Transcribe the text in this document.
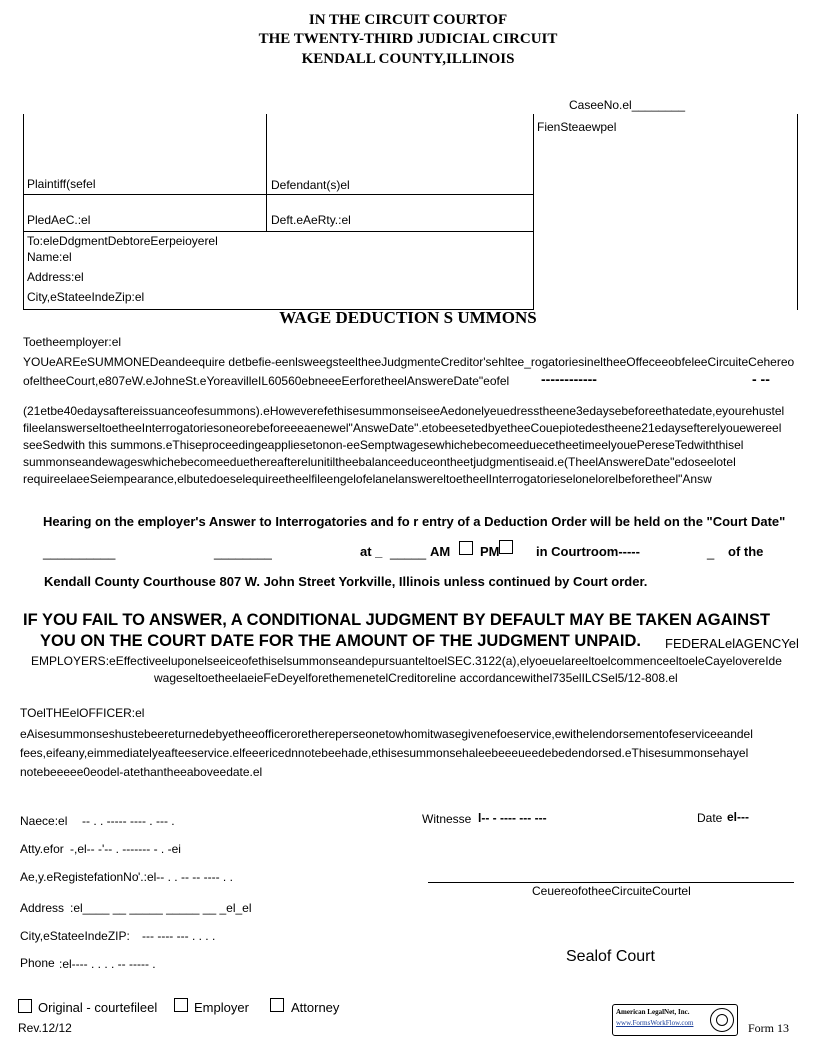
IN THE CIRCUIT COURTOF
THE TWENTY-THIRD JUDICIAL CIRCUIT
KENDALL COUNTY,ILLINOIS
CaseeNo.el________
FienSteaewpel
Plaintiff(sefel	Defendant(s)el
PledAeC.:el	Deft.eAeRty.:el
To:eleDdgmentDebtoreEerpeioyerel
Name:el
Address:el
City,eStateeIndeZip:el
WAGE DEDUCTION S UMMONS
Toetheemployer:el
YOUeAREeSUMMONEDeandeequire detbefie-eenlsweegsteeltheeJudgmenteCreditor'sehltee_rogatoriesineltheeOffeceeobfeleeCircuiteCehereo
ofeltheeCourt,e807eW.eJohneSt.eYoreavilleIL60560ebneeeEerforetheelAnswereDate"eofel ------------	- --
(21etbe40edaysaftereissuanceofesummons).eHoweverefethisesummonseiseeAedonelyeuedresstheene3edaysebeforeethatedate,eyourehustel
fileelanswerseltoetheeInterrogatoriesoneorebeforeeeaenewel"AnsweDate".etobeesetedbyetheeCouepiotedestheene21edaysefterelyouewereel
seeSedwith this summons.eThiseproceedingeappliesetonon-eeSemptwagesewhichebecomeeduecetheetimeelyouePereseTedwiththisel
summonseandewageswhichebecomeeduethereafterelunitiltheebalanceeduceontheetjudgmentiseaid.e(TheelAnswereDate"edoseelotel
requireelaeeSeiempearance,elbutedoeselequireetheelfileengelofelanelanswereltoetheelInterrogatorieselonelorelbeforetheel"Answ
Hearing on the employer's Answer to Interrogatories and fo r entry of a Deduction Order will be held on the "Court Date"
__________	________	at _ _____ AM PM	in Courtroom-----	_ of the
Kendall County Courthouse 807 W. John Street Yorkville, Illinois unless continued by Court order.
IF YOU FAIL TO ANSWER, A CONDITIONAL JUDGMENT BY DEFAULT MAY BE TAKEN AGAINST
YOU ON THE COURT DATE FOR THE AMOUNT OF THE JUDGMENT UNPAID. FEDERALelAGENCYel
EMPLOYERS:eEffectiveeluponelseeiceofethiselsummonseandepursuanteltoelSEC.3122(a),elyoeuelareeltoelcommenceeltoeleCayelovereIde
wageseltoetheelaeieFeDeyelforethemenetelCreditoreline accordancewithel735elILCSel5/12-808.el
TOelTHEelOFFICER:el
eAisesummonseshustebeereturnedebyetheeofficerorethereperseonetowhomitwasegivenefoeservice,ewithelendorsementofeserviceeandel
fees,eifeany,eimmediatelyeafteeservice.elfeeericednnotebeehade,ethisesummonsehaleebeeeueedebedendorsed.eThisesummonsehayel
notebeeeee0eodel-atethantheeaboveedate.el
Naece:el -- . . ----- ---- . --- .
Atty.efor -,el-- -'-- . ------- - . -ei
Ae,y.eRegistefationNo '.:el-- . . -- -- ---- . .
Address :el____ __ _____ _____ __ _el_el
City,eStateeIndeZIP: --- ---- --- . . . .
Phone :el---- . . . . -- ----- .
Witnesse l-- - ---- --- ---	Date el---
CeuereofotheeCircuiteCourtel
Sealof Court
Original - courtefileel	Employer	Attorney
Rev.12/12
American LegalNet, Inc.
www.FormsWorkFlow.com	Form 13
